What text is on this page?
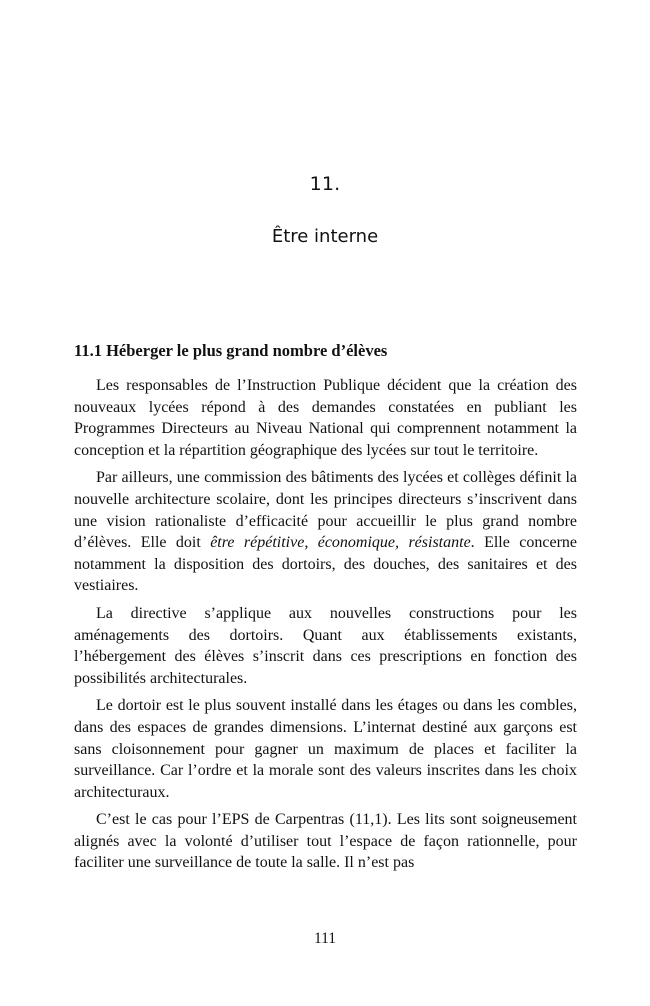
11.
Être interne
11.1 Héberger le plus grand nombre d’élèves

Les responsables de l’Instruction Publique décident que la création des nouveaux lycées répond à des demandes constatées en publiant les Programmes Directeurs au Niveau National qui comprennent notamment la conception et la répartition géographique des lycées sur tout le territoire.

Par ailleurs, une commission des bâtiments des lycées et collèges définit la nouvelle architecture scolaire, dont les principes directeurs s’inscrivent dans une vision rationaliste d’efficacité pour accueillir le plus grand nombre d’élèves. Elle doit être répétitive, économique, résistante. Elle concerne notamment la disposition des dortoirs, des douches, des sanitaires et des vestiaires.

La directive s’applique aux nouvelles constructions pour les aménagements des dortoirs. Quant aux établissements existants, l’hébergement des élèves s’inscrit dans ces prescriptions en fonction des possibilités architecturales.

Le dortoir est le plus souvent installé dans les étages ou dans les combles, dans des espaces de grandes dimensions. L’internat destiné aux garçons est sans cloisonnement pour gagner un maximum de places et faciliter la surveillance. Car l’ordre et la morale sont des valeurs inscrites dans les choix architecturaux.

C’est le cas pour l’EPS de Carpentras (11,1). Les lits sont soigneusement alignés avec la volonté d’utiliser tout l’espace de façon rationnelle, pour faciliter une surveillance de toute la salle. Il n’est pas

111
